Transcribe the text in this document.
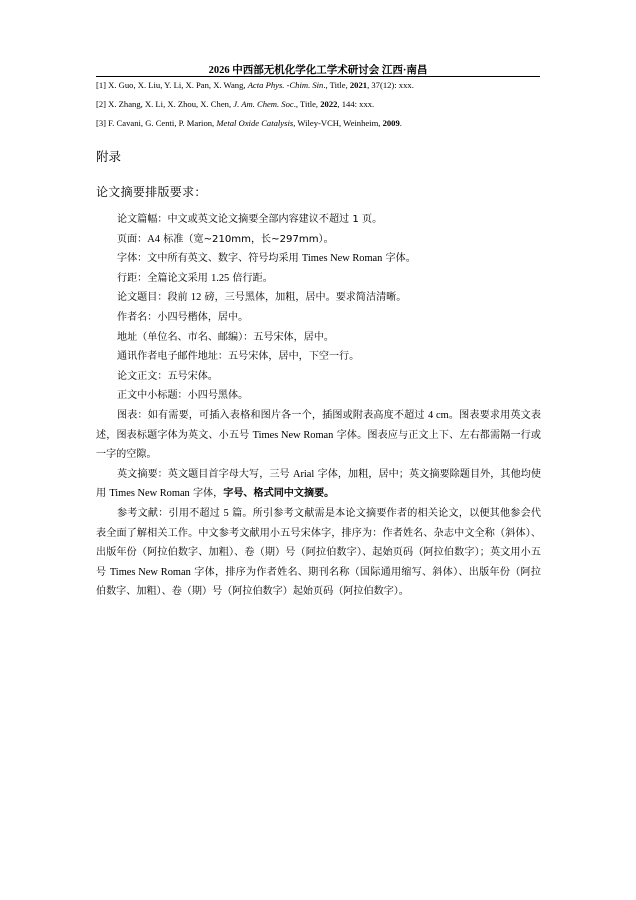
2026 中西部无机化学化工学术研讨会 江西·南昌
[1] X. Guo, X. Liu, Y. Li, X. Pan, X. Wang, Acta Phys. -Chim. Sin., Title, 2021, 37(12): xxx.
[2] X. Zhang, X. Li, X. Zhou, X. Chen, J. Am. Chem. Soc., Title, 2022, 144: xxx.
[3] F. Cavani, G. Centi, P. Marion, Metal Oxide Catalysis, Wiley-VCH, Weinheim, 2009.
附录
论文摘要排版要求：

论文篇幅：中文或英文论文摘要全部内容建议不超过 1 页。

页面：A4 标准（宽~210mm，长~297mm）。

字体：文中所有英文、数字、符号均采用 Times New Roman 字体。

行距：全篇论文采用 1.25 倍行距。

论文题目：段前 12 磅，三号黑体，加粗，居中。要求简洁清晰。

作者名：小四号楷体，居中。

地址（单位名、市名、邮编）：五号宋体，居中。

通讯作者电子邮件地址：五号宋体，居中，下空一行。

论文正文：五号宋体。

正文中小标题：小四号黑体。

图表：如有需要，可插入表格和图片各一个，插图或附表高度不超过 4 cm。图表要求用英文表述，图表标题字体为英文、小五号 Times New Roman 字体。图表应与正文上下、左右都需隔一行或一字的空隙。

英文摘要：英文题目首字母大写，三号 Arial 字体，加粗，居中；英文摘要除题目外，其他均使用 Times New Roman 字体，字号、格式同中文摘要。

参考文献：引用不超过 5 篇。所引参考文献需是本论文摘要作者的相关论文，以便其他参会代表全面了解相关工作。中文参考文献用小五号宋体字，排序为：作者姓名、杂志中文全称（斜体）、出版年份（阿拉伯数字、加粗）、卷（期）号（阿拉伯数字）、起始页码（阿拉伯数字）；英文用小五号 Times New Roman 字体，排序为作者姓名、期刊名称（国际通用缩写、斜体）、出版年份（阿拉伯数字、加粗）、卷（期）号（阿拉伯数字）起始页码（阿拉伯数字）。
